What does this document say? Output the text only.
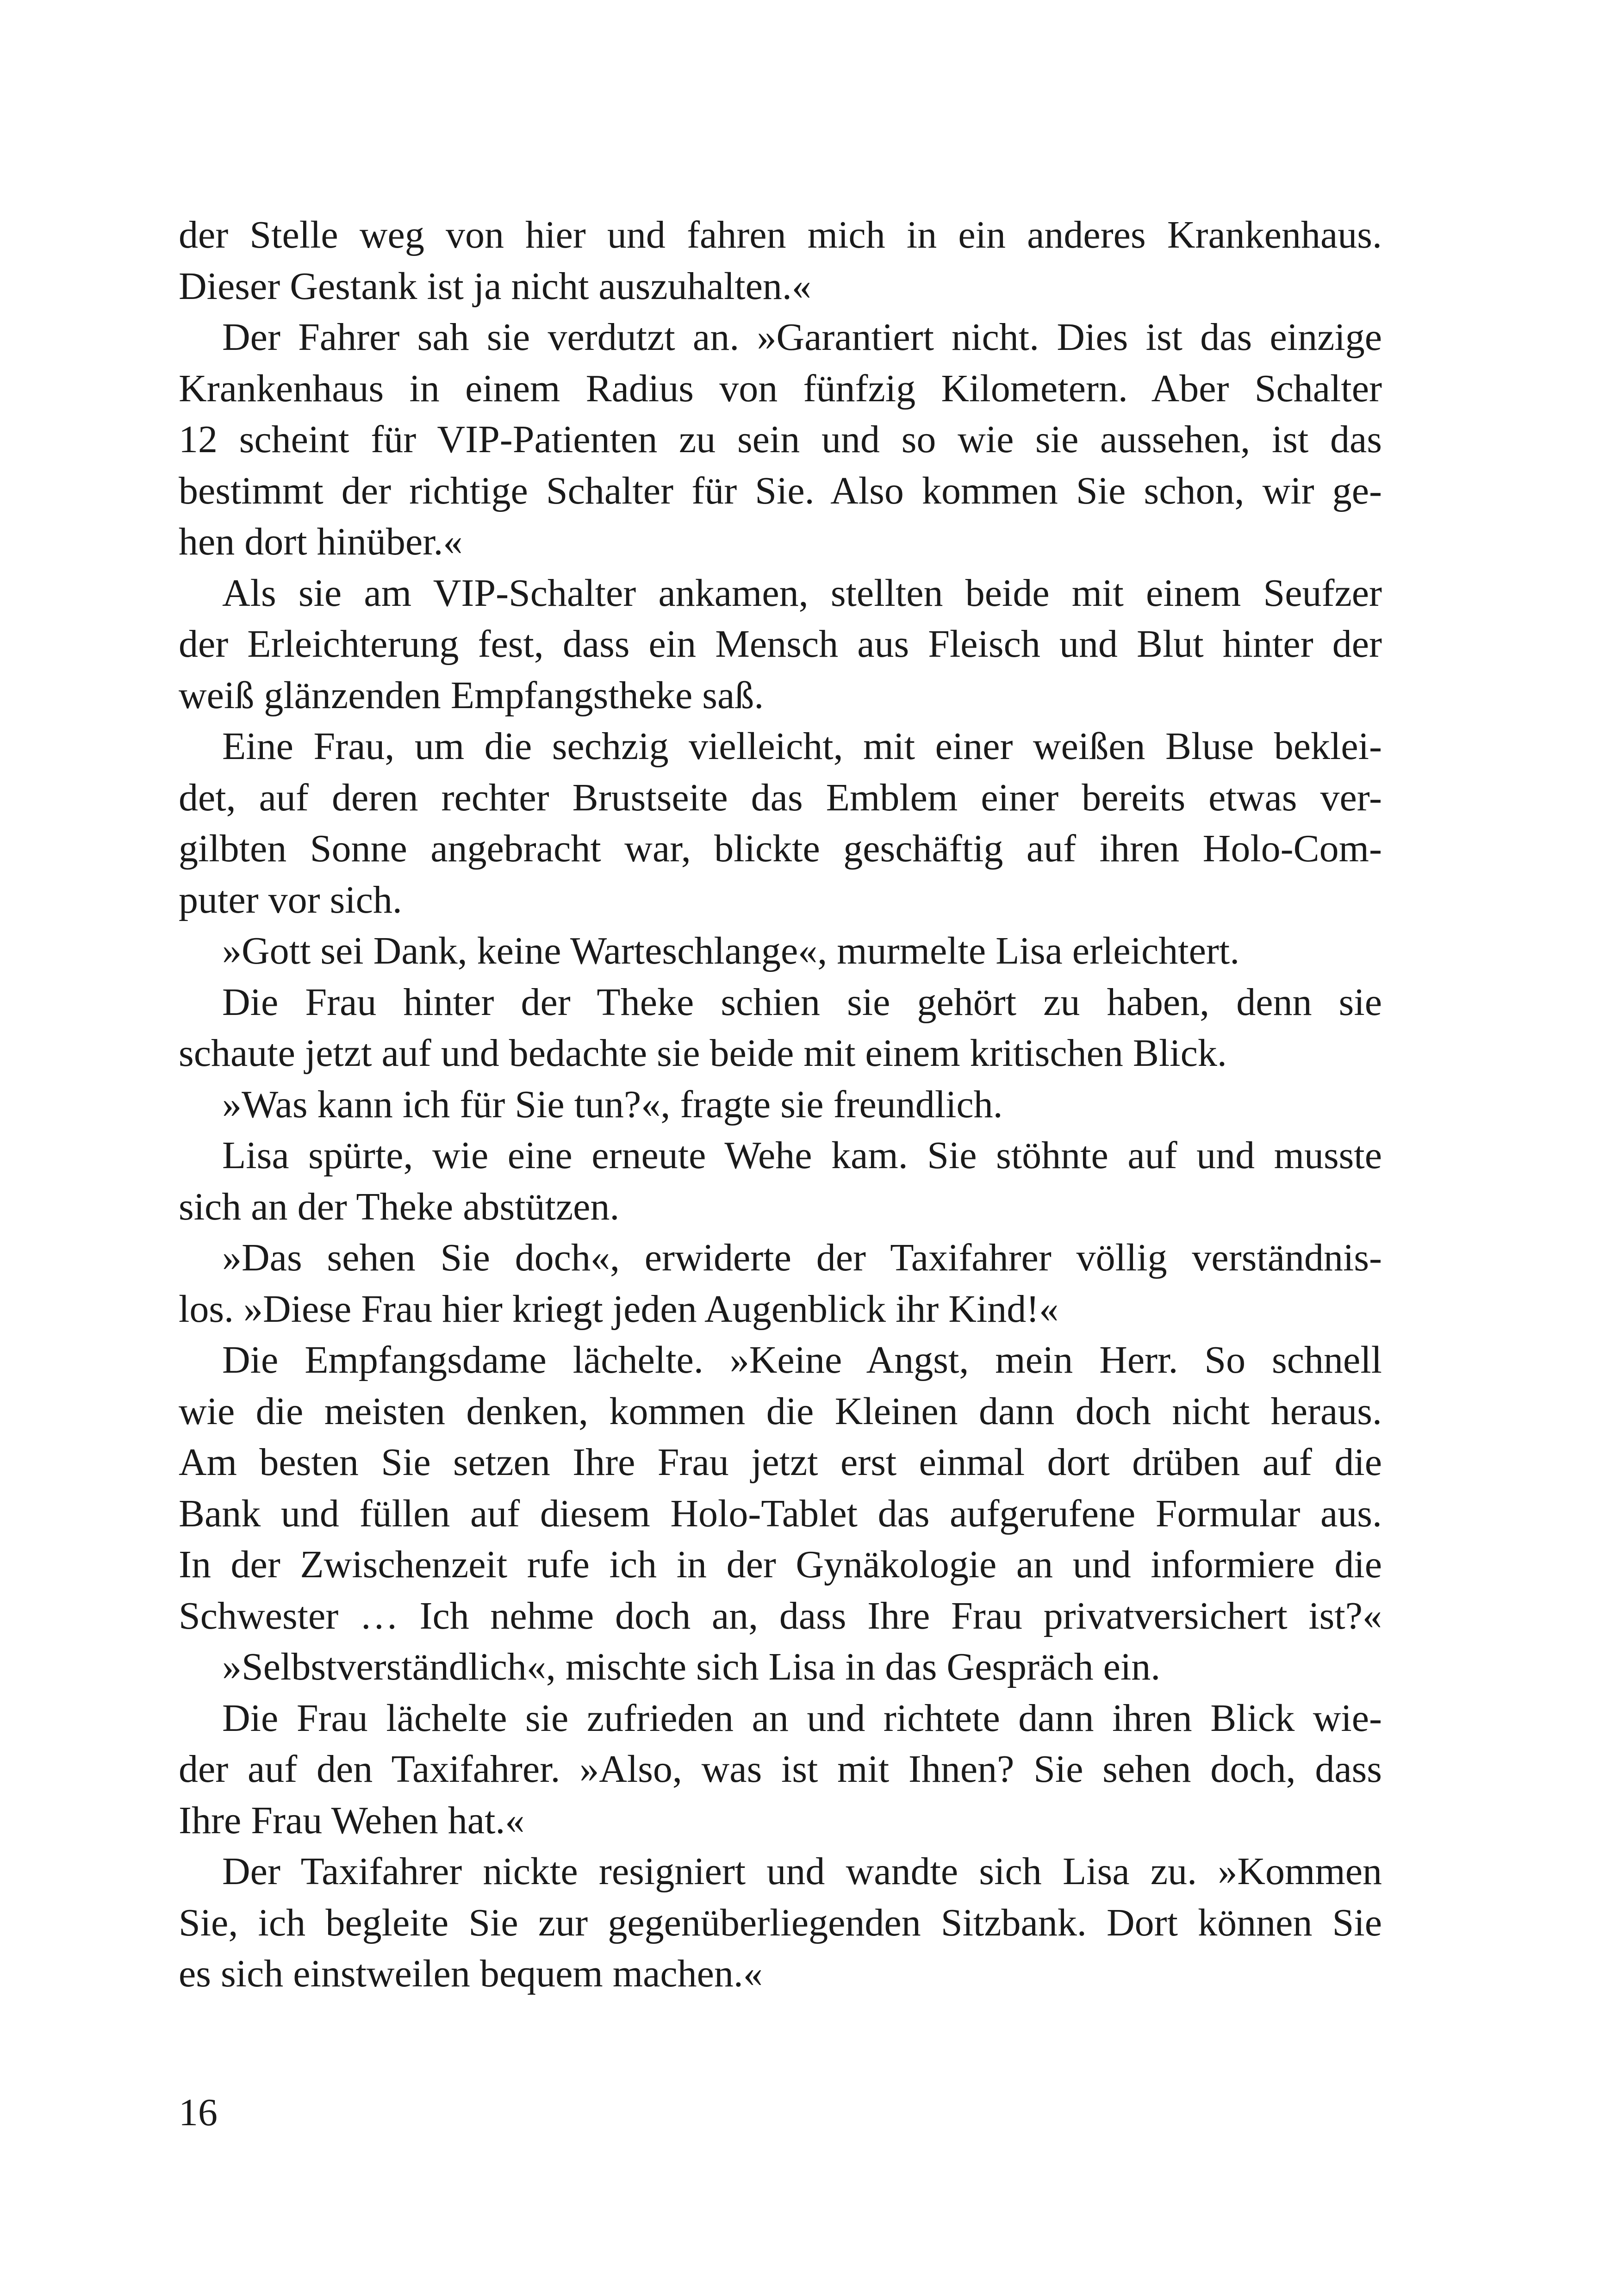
der Stelle weg von hier und fahren mich in ein anderes Krankenhaus.
Dieser Gestank ist ja nicht auszuhalten.«
Der Fahrer sah sie verdutzt an. »Garantiert nicht. Dies ist das einzige
Krankenhaus in einem Radius von fünfzig Kilometern. Aber Schalter
12 scheint für VIP-Patienten zu sein und so wie sie aussehen, ist das
bestimmt der richtige Schalter für Sie. Also kommen Sie schon, wir ge-
hen dort hinüber.«
Als sie am VIP-Schalter ankamen, stellten beide mit einem Seufzer
der Erleichterung fest, dass ein Mensch aus Fleisch und Blut hinter der
weiß glänzenden Empfangstheke saß.
Eine Frau, um die sechzig vielleicht, mit einer weißen Bluse beklei-
det, auf deren rechter Brustseite das Emblem einer bereits etwas ver-
gilbten Sonne angebracht war, blickte geschäftig auf ihren Holo-Com-
puter vor sich.
»Gott sei Dank, keine Warteschlange«, murmelte Lisa erleichtert.
Die Frau hinter der Theke schien sie gehört zu haben, denn sie
schaute jetzt auf und bedachte sie beide mit einem kritischen Blick.
»Was kann ich für Sie tun?«, fragte sie freundlich.
Lisa spürte, wie eine erneute Wehe kam. Sie stöhnte auf und musste
sich an der Theke abstützen.
»Das sehen Sie doch«, erwiderte der Taxifahrer völlig verständnis-
los. »Diese Frau hier kriegt jeden Augenblick ihr Kind!«
Die Empfangsdame lächelte. »Keine Angst, mein Herr. So schnell
wie die meisten denken, kommen die Kleinen dann doch nicht heraus.
Am besten Sie setzen Ihre Frau jetzt erst einmal dort drüben auf die
Bank und füllen auf diesem Holo-Tablet das aufgerufene Formular aus.
In der Zwischenzeit rufe ich in der Gynäkologie an und informiere die
Schwester … Ich nehme doch an, dass Ihre Frau privatversichert ist?«
»Selbstverständlich«, mischte sich Lisa in das Gespräch ein.
Die Frau lächelte sie zufrieden an und richtete dann ihren Blick wie-
der auf den Taxifahrer. »Also, was ist mit Ihnen? Sie sehen doch, dass
Ihre Frau Wehen hat.«
Der Taxifahrer nickte resigniert und wandte sich Lisa zu. »Kommen
Sie, ich begleite Sie zur gegenüberliegenden Sitzbank. Dort können Sie
es sich einstweilen bequem machen.«
16
